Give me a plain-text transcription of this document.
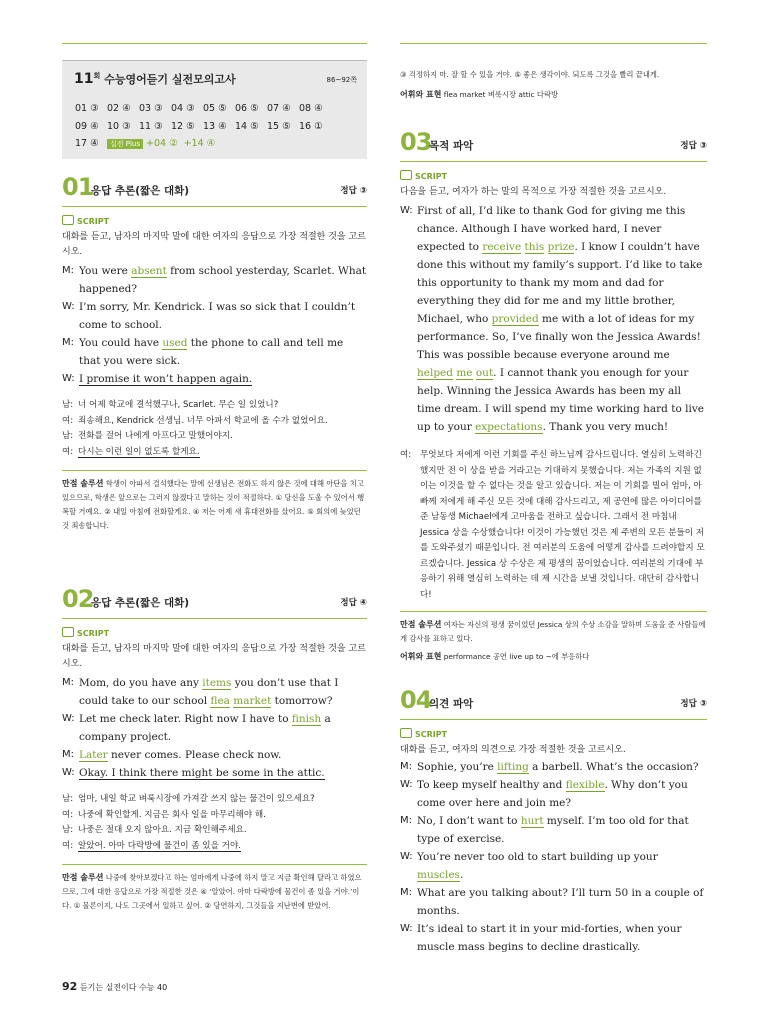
$11^회$ 수능영어듣기 실전모의고사	86~92쪽
01 ③ 02 ④ 03 ③ 04 ③ 05 ⑤ 06 ⑤ 07 ④ 08 ④
09 ④ 10 ③ 11 ③ 12 ⑤ 13 ④ 14 ⑤ 15 ⑤ 16 ①
17 ④ 실전 Plus +04 ② +14 ④
01
응답 추론(짧은 대화)	정답 ③
SCRIPT
대화를 듣고, 남자의 마지막 말에 대한 여자의 응답으로 가장 적절한 것을 고르시오.

M: You were absent from school yesterday, Scarlet. What happened?

W: I’m sorry, Mr. Kendrick. I was so sick that I couldn’t come to school.

M: You could have used the phone to call and tell me that you were sick.

W: I promise it won’t happen again.

남: 너 어제 학교에 결석했구나, Scarlet. 무슨 일 있었니?

여: 죄송해요, Kendrick 선생님. 너무 아파서 학교에 올 수가 없었어요.

남: 전화를 걸어 나에게 아프다고 말했어야지.

여: 다시는 이런 일이 없도록 할게요.

만점 솔루션 학생이 아파서 결석했다는 말에 선생님은 전화도 하지 않은 것에 대해 아단을 치고 있으므로, 학생은 앞으로는 그러지 않겠다고 말하는 것이 적절하다. ① 당신을 도울 수 있어서 행복할 거예요. ② 내일 아침에 전화할게요. ④ 저는 어제 새 휴대전화를 샀어요. ⑤ 회의에 늦었던 것 죄송합니다.

02
응답 추론(짧은 대화)	정답 ④
SCRIPT
대화를 듣고, 남자의 마지막 말에 대한 여자의 응답으로 가장 적절한 것을 고르시오.

M: Mom, do you have any items you don’t use that I could take to our school flea market tomorrow?

W: Let me check later. Right now I have to finish a company project.

M: Later never comes. Please check now.

W: Okay. I think there might be some in the attic.

남: 엄마, 내일 학교 벼룩시장에 가져갈 쓰지 않는 물건이 있으세요?

여: 나중에 확인할게. 지금은 회사 일을 마무리해야 해.

남: 나중은 절대 오지 않아요. 지금 확인해주세요.

여: 알았어. 아마 다락방에 물건이 좀 있을 거야.

만점 솔루션 나중에 찾아보겠다고 하는 엄마에게 나중에 하지 말고 지금 확인해 달라고 하였으므로, 그에 대한 응답으로 가장 적절한 것은 ④ ‘알았어. 아마 다락방에 물건이 좀 있을 거야.’이다. ① 물론이지, 나도 그곳에서 일하고 싶어. ② 당연하지, 그것들을 지난번에 받았어.

③ 걱정하지 마. 잘 할 수 있을 거야. ⑤ 좋은 생각이야. 되도록 그것을 빨리 끝내게.

어휘와 표현 flea market 벼룩시장 attic 다락방

03
목적 파악	정답 ③
SCRIPT
다음을 듣고, 여자가 하는 말의 목적으로 가장 적절한 것을 고르시오.

W: First of all, I’d like to thank God for giving me this chance. Although I have worked hard, I never expected to receive this prize. I know I couldn’t have done this without my family’s support. I’d like to take this opportunity to thank my mom and dad for everything they did for me and my little brother, Michael, who provided me with a lot of ideas for my performance. So, I’ve finally won the Jessica Awards! This was possible because everyone around me helped me out. I cannot thank you enough for your help. Winning the Jessica Awards has been my all time dream. I will spend my time working hard to live up to your expectations. Thank you very much!

여: 무엇보다 저에게 이런 기회를 주신 하느님께 감사드립니다. 열심히 노력하긴 했지만 전 이 상을 받을 거라고는 기대하지 못했습니다. 저는 가족의 지원 없이는 이것을 할 수 없다는 것을 알고 있습니다. 저는 이 기회를 빌어 엄마, 아빠께 저에게 해 주신 모든 것에 대해 감사드리고, 제 공연에 많은 아이디어를 준 남동생 Michael에게 고마움을 전하고 싶습니다. 그래서 전 마침내 Jessica 상을 수상했습니다! 이것이 가능했던 것은 제 주변의 모든 분들이 저를 도와주셨기 때문입니다. 전 여러분의 도움에 어떻게 감사를 드려야할지 모르겠습니다. Jessica 상 수상은 제 평생의 꿈이었습니다. 여러분의 기대에 부응하기 위해 열심히 노력하는 데 제 시간을 보낼 것입니다. 대단히 감사합니다!

만점 솔루션 여자는 자신의 평생 꿈이었던 Jessica 상의 수상 소감을 말하며 도움을 준 사람들에게 감사를 표하고 있다.

어휘와 표현 performance 공연 live up to ~에 부응하다

04
의견 파악	정답 ③
SCRIPT
대화를 듣고, 여자의 의견으로 가장 적절한 것을 고르시오.

M: Sophie, you’re lifting a barbell. What’s the occasion?

W: To keep myself healthy and flexible. Why don’t you come over here and join me?

M: No, I don’t want to hurt myself. I’m too old for that type of exercise.

W: You’re never too old to start building up your muscles.

M: What are you talking about? I’ll turn 50 in a couple of months.

W: It’s ideal to start it in your mid-forties, when your muscle mass begins to decline drastically.

92 듣기는 실전이다 수능 40
